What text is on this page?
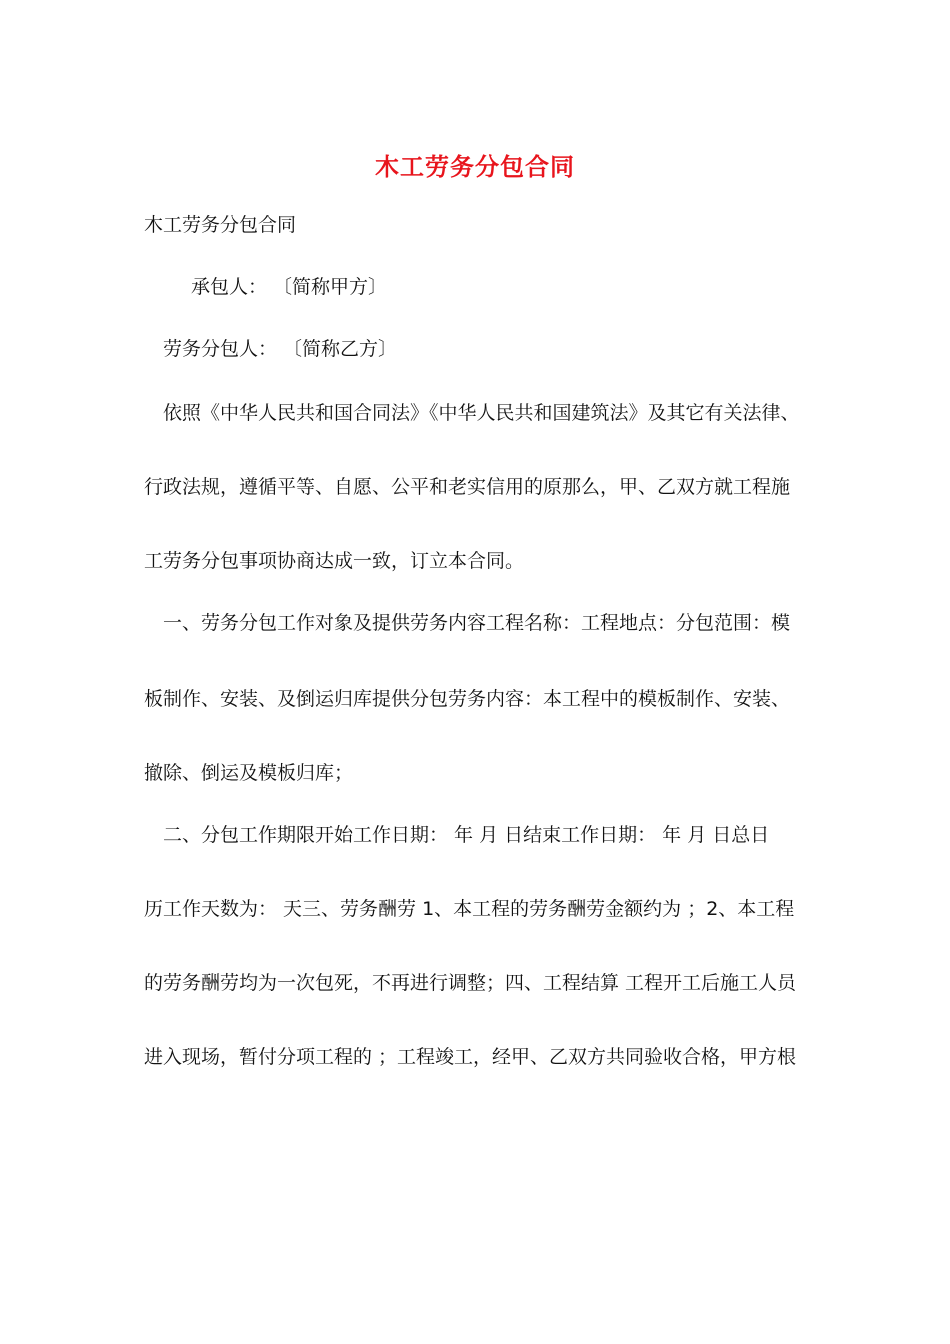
木工劳务分包合同
木工劳务分包合同
承包人： 〔简称甲方〕
劳务分包人： 〔简称乙方〕
依照《中华人民共和国合同法》《中华人民共和国建筑法》及其它有关法律、
行政法规，遵循平等、自愿、公平和老实信用的原那么，甲、乙双方就工程施
工劳务分包事项协商达成一致，订立本合同。
一、劳务分包工作对象及提供劳务内容工程名称：工程地点：分包范围：模
板制作、安装、及倒运归库提供分包劳务内容：本工程中的模板制作、安装、
撤除、倒运及模板归库；
二、分包工作期限开始工作日期： 年 月 日结束工作日期： 年 月 日总日
历工作天数为： 天三、劳务酬劳 1、本工程的劳务酬劳金额约为 ；2、本工程
的劳务酬劳均为一次包死，不再进行调整；四、工程结算 工程开工后施工人员
进入现场，暂付分项工程的 ；工程竣工，经甲、乙双方共同验收合格，甲方根
